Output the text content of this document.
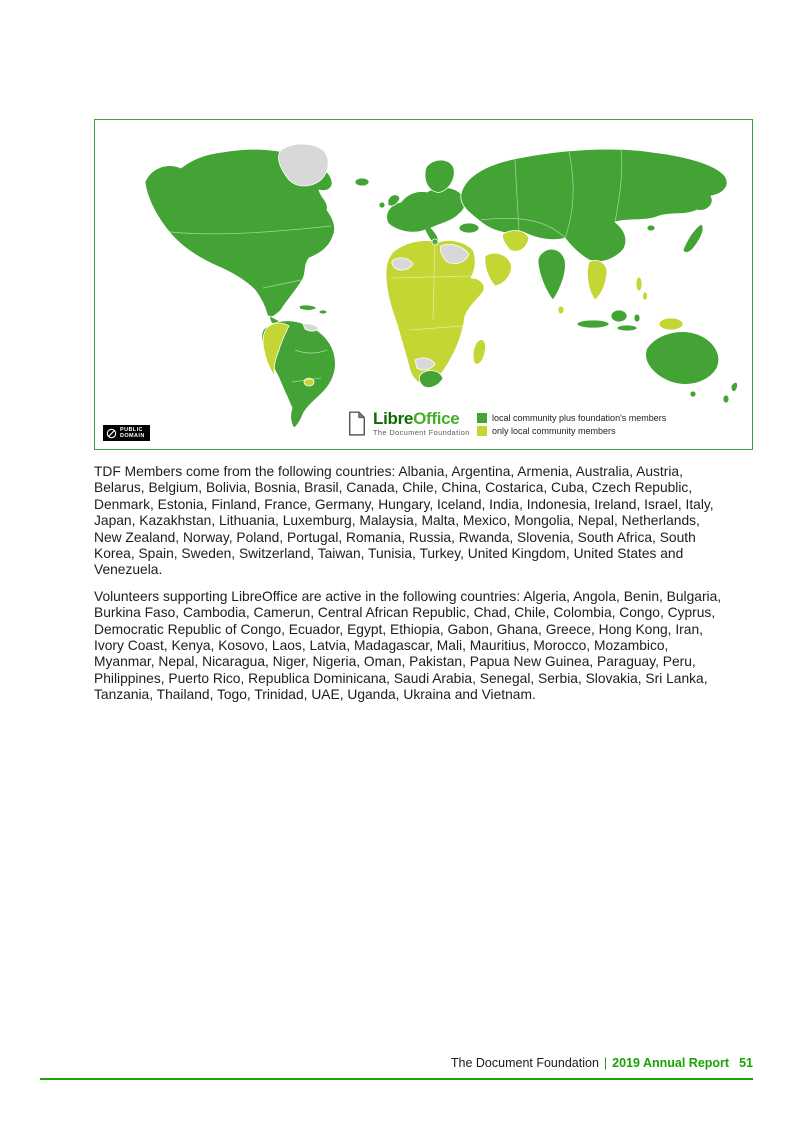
PUBLIC
DOMAIN
LibreOffice
The Document Foundation
local community plus foundation's members
only local community members

TDF Members come from the following countries: Albania, Argentina, Armenia, Australia, Austria, Belarus, Belgium, Bolivia, Bosnia, Brasil, Canada, Chile, China, Costarica, Cuba, Czech Republic, Denmark, Estonia, Finland, France, Germany, Hungary, Iceland, India, Indonesia, Ireland, Israel, Italy, Japan, Kazakhstan, Lithuania, Luxemburg, Malaysia, Malta, Mexico, Mongolia, Nepal, Netherlands, New Zealand, Norway, Poland, Portugal, Romania, Russia, Rwanda, Slovenia, South Africa, South Korea, Spain, Sweden, Switzerland, Taiwan, Tunisia, Turkey, United Kingdom, United States and Venezuela.

Volunteers supporting LibreOffice are active in the following countries: Algeria, Angola, Benin, Bulgaria, Burkina Faso, Cambodia, Camerun, Central African Republic, Chad, Chile, Colombia, Congo, Cyprus, Democratic Republic of Congo, Ecuador, Egypt, Ethiopia, Gabon, Ghana, Greece, Hong Kong, Iran, Ivory Coast, Kenya, Kosovo, Laos, Latvia, Madagascar, Mali, Mauritius, Morocco, Mozambico, Myanmar, Nepal, Nicaragua, Niger, Nigeria, Oman, Pakistan, Papua New Guinea, Paraguay, Peru, Philippines, Puerto Rico, Republica Dominicana, Saudi Arabia, Senegal, Serbia, Slovakia, Sri Lanka, Tanzania, Thailand, Togo, Trinidad, UAE, Uganda, Ukraina and Vietnam.

The Document Foundation | 2019 Annual Report 51
